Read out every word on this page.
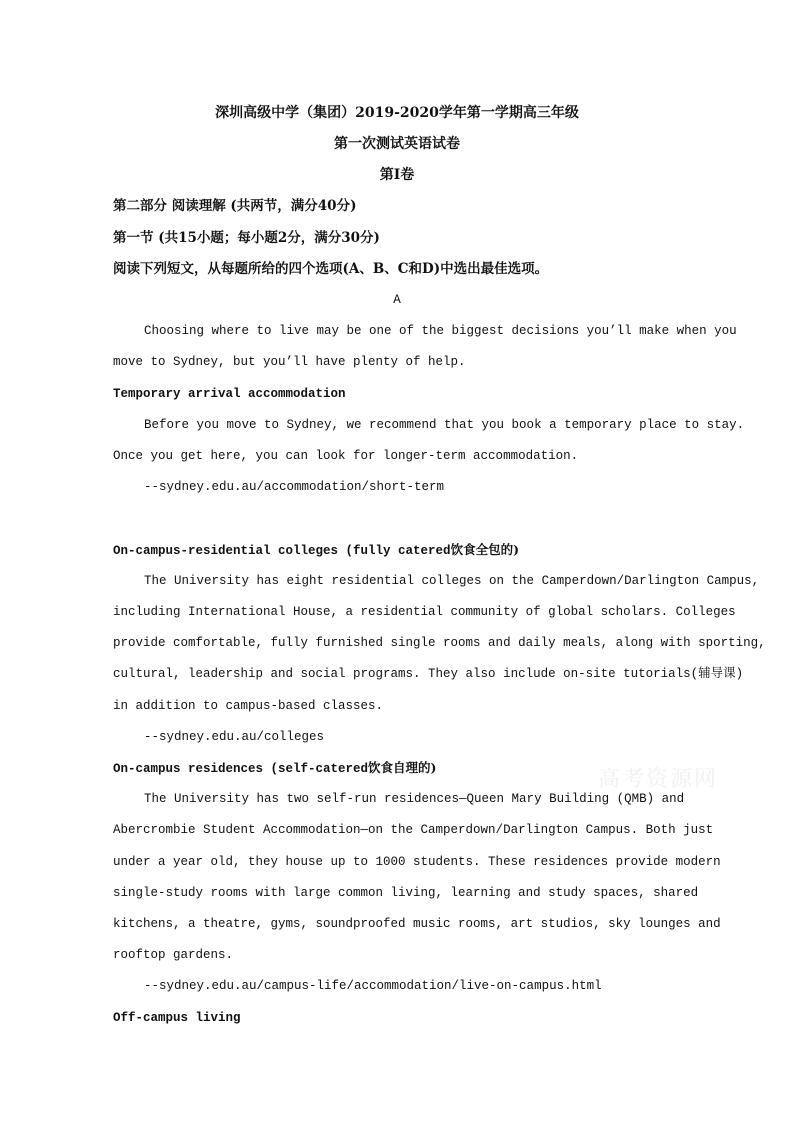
深圳高级中学（集团）2019-2020学年第一学期高三年级
第一次测试英语试卷
第I卷
第二部分 阅读理解 (共两节，满分40分)
第一节 (共15小题；每小题2分，满分30分)
阅读下列短文，从每题所给的四个选项(A、B、C和D)中选出最佳选项。
A
Choosing where to live may be one of the biggest decisions you’ll make when you
move to Sydney, but you’ll have plenty of help.
Temporary arrival accommodation
Before you move to Sydney, we recommend that you book a temporary place to stay.
Once you get here, you can look for longer-term accommodation.
--sydney.edu.au/accommodation/short-term
On-campus-residential colleges (fully catered饮食全包的)
The University has eight residential colleges on the Camperdown/Darlington Campus,
including International House, a residential community of global scholars. Colleges
provide comfortable, fully furnished single rooms and daily meals, along with sporting,
cultural, leadership and social programs. They also include on-site tutorials(辅导课)
in addition to campus-based classes.
--sydney.edu.au/colleges
On-campus residences (self-catered饮食自理的)
The University has two self-run residences—Queen Mary Building (QMB) and
Abercrombie Student Accommodation—on the Camperdown/Darlington Campus. Both just
under a year old, they house up to 1000 students. These residences provide modern
single-study rooms with large common living, learning and study spaces, shared
kitchens, a theatre, gyms, soundproofed music rooms, art studios, sky lounges and
rooftop gardens.
--sydney.edu.au/campus-life/accommodation/live-on-campus.html
Off-campus living
高考资源网
